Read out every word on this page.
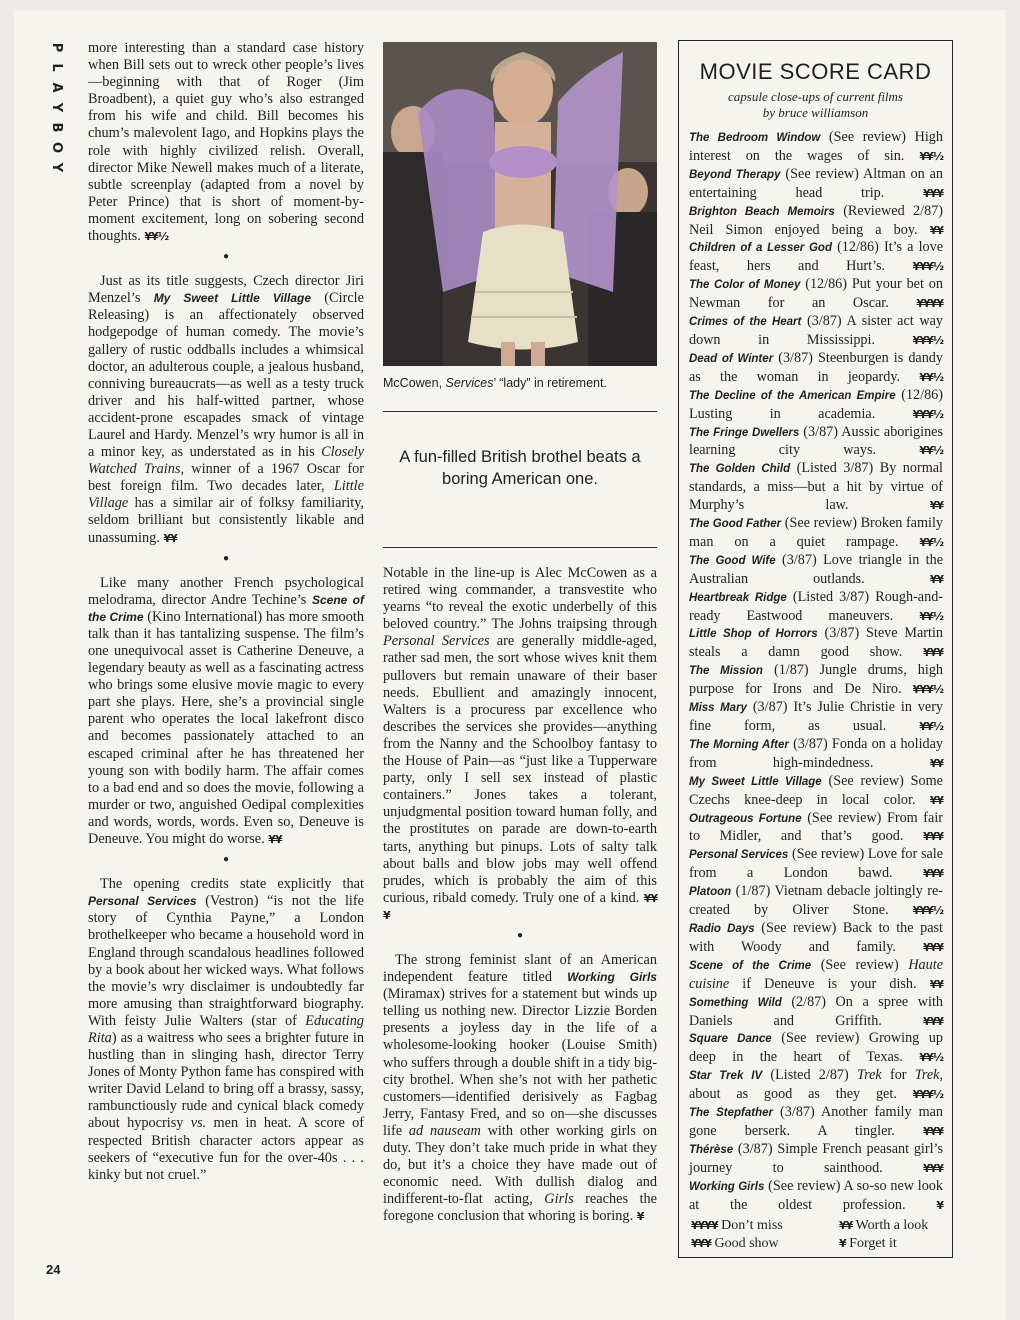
P
L
A
Y
B
O
Y
24

more interesting than a standard case history when Bill sets out to wreck other people’s lives—beginning with that of Roger (Jim Broadbent), a quiet guy who’s also estranged from his wife and child. Bill becomes his chum’s malevolent Iago, and Hopkins plays the role with highly civilized relish. Overall, director Mike Newell makes much of a literate, subtle screenplay (adapted from a novel by Peter Prince) that is short of moment-by-moment excitement, long on sobering second thoughts. ¥¥½

●

Just as its title suggests, Czech director Jiri Menzel’s My Sweet Little Village (Circle Releasing) is an affectionately observed hodgepodge of human comedy. The movie’s gallery of rustic oddballs includes a whimsical doctor, an adulterous couple, a jealous husband, conniving bureaucrats—as well as a testy truck driver and his half-witted partner, whose accident-prone escapades smack of vintage Laurel and Hardy. Menzel’s wry humor is all in a minor key, as understated as in his Closely Watched Trains, winner of a 1967 Oscar for best foreign film. Two decades later, Little Village has a similar air of folksy familiarity, seldom brilliant but consistently likable and unassuming. ¥¥

●

Like many another French psychological melodrama, director Andre Techine’s Scene of the Crime (Kino International) has more smooth talk than it has tantalizing suspense. The film’s one unequivocal asset is Catherine Deneuve, a legendary beauty as well as a fascinating actress who brings some elusive movie magic to every part she plays. Here, she’s a provincial single parent who operates the local lakefront disco and becomes passionately attached to an escaped criminal after he has threatened her young son with bodily harm. The affair comes to a bad end and so does the movie, following a murder or two, anguished Oedipal complexities and words, words, words. Even so, Deneuve is Deneuve. You might do worse. ¥¥

●

The opening credits state explicitly that Personal Services (Vestron) “is not the life story of Cynthia Payne,” a London brothelkeeper who became a household word in England through scandalous headlines followed by a book about her wicked ways. What follows the movie’s wry disclaimer is undoubtedly far more amusing than straightforward biography. With feisty Julie Walters (star of Educating Rita) as a waitress who sees a brighter future in hustling than in slinging hash, director Terry Jones of Monty Python fame has conspired with writer David Leland to bring off a brassy, sassy, rambunctiously rude and cynical black comedy about hypocrisy vs. men in heat. A score of respected British character actors appear as seekers of “executive fun for the over-40s . . . kinky but not cruel.”

McCowen, Services’ “lady” in retirement.
A fun-filled British brothel beats a boring American one.

Notable in the line-up is Alec McCowen as a retired wing commander, a transvestite who yearns “to reveal the exotic underbelly of this beloved country.” The Johns traipsing through Personal Services are generally middle-aged, rather sad men, the sort whose wives knit them pullovers but remain unaware of their baser needs. Ebullient and amazingly innocent, Walters is a procuress par excellence who describes the services she provides—anything from the Nanny and the Schoolboy fantasy to the House of Pain—as “just like a Tupperware party, only I sell sex instead of plastic containers.” Jones takes a tolerant, unjudgmental position toward human folly, and the prostitutes on parade are down-to-earth tarts, anything but pinups. Lots of salty talk about balls and blow jobs may well offend prudes, which is probably the aim of this curious, ribald comedy. Truly one of a kind. ¥¥¥

●

The strong feminist slant of an American independent feature titled Working Girls (Miramax) strives for a statement but winds up telling us nothing new. Director Lizzie Borden presents a joyless day in the life of a wholesome-looking hooker (Louise Smith) who suffers through a double shift in a tidy big-city brothel. When she’s not with her pathetic customers—identified derisively as Fagbag Jerry, Fantasy Fred, and so on—she discusses life ad nauseam with other working girls on duty. They don’t take much pride in what they do, but it’s a choice they have made out of economic need. With dullish dialog and indifferent-to-flat acting, Girls reaches the foregone conclusion that whoring is boring. ¥

MOVIE SCORE CARD
capsule close-ups of current films
by bruce williamson
The Bedroom Window (See review) High interest on the wages of sin. ¥¥½
Beyond Therapy (See review) Altman on an entertaining head trip.	¥¥¥
Brighton Beach Memoirs (Reviewed 2/87) Neil Simon enjoyed being a boy. ¥¥
Children of a Lesser God (12/86) It’s a love feast, hers and Hurt’s.	¥¥¥½
The Color of Money (12/86) Put your bet on Newman for an Oscar.	¥¥¥¥
Crimes of the Heart (3/87) A sister act way down in Mississippi.	¥¥¥½
Dead of Winter (3/87) Steenburgen is dandy as the woman in jeopardy. ¥¥½
The Decline of the American Empire (12/86) Lusting in academia.	¥¥¥½
The Fringe Dwellers (3/87) Aussic aborigines learning city ways.	¥¥½
The Golden Child (Listed 3/87) By normal standards, a miss—but a hit by virtue of Murphy’s law.	¥¥
The Good Father (See review) Broken family man on a quiet rampage. ¥¥½
The Good Wife (3/87) Love triangle in the Australian outlands.	¥¥
Heartbreak Ridge (Listed 3/87) Rough-and-ready Eastwood maneuvers. ¥¥½
Little Shop of Horrors (3/87) Steve Martin steals a damn good show. ¥¥¥
The Mission (1/87) Jungle drums, high purpose for Irons and De Niro. ¥¥¥½
Miss Mary (3/87) It’s Julie Christie in very fine form, as usual.	¥¥½
The Morning After (3/87) Fonda on a holiday from high-mindedness.	¥¥
My Sweet Little Village (See review) Some Czechs knee-deep in local color. ¥¥
Outrageous Fortune (See review) From fair to Midler, and that’s good. ¥¥¥
Personal Services (See review) Love for sale from a London bawd.	¥¥¥
Platoon (1/87) Vietnam debacle joltingly re-created by Oliver Stone. ¥¥¥½
Radio Days (See review) Back to the past with Woody and family. ¥¥¥
Scene of the Crime (See review) Haute cuisine if Deneuve is your dish. ¥¥
Something Wild (2/87) On a spree with Daniels and Griffith.	¥¥¥
Square Dance (See review) Growing up deep in the heart of Texas. ¥¥½
Star Trek IV (Listed 2/87) Trek for Trek, about as good as they get. ¥¥¥½
The Stepfather (3/87) Another family man gone berserk. A tingler.	¥¥¥
Thérèse (3/87) Simple French peasant girl’s journey to sainthood.	¥¥¥
Working Girls (See review) A so-so new look at the oldest profession.	¥
¥¥¥¥ Don’t miss	¥¥ Worth a look
¥¥¥ Good show	¥ Forget it
